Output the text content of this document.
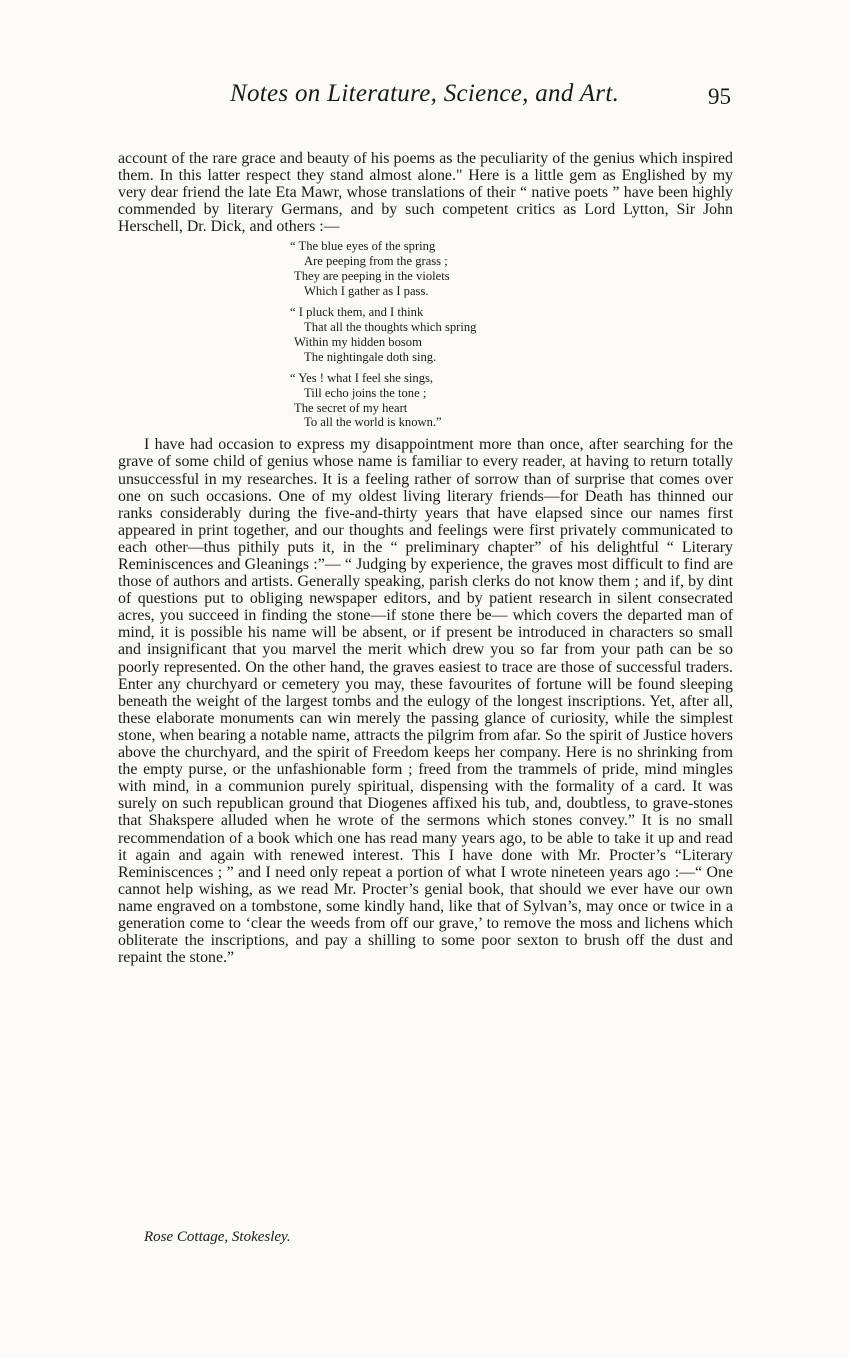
Notes on Literature, Science, and Art.	95

account of the rare grace and beauty of his poems as the peculiarity of the genius which inspired them. In this latter respect they stand almost alone." Here is a little gem as Englished by my very dear friend the late Eta Mawr, whose translations of their “ native poets ” have been highly commended by literary Germans, and by such competent critics as Lord Lytton, Sir John Herschell, Dr. Dick, and others :—

“ The blue eyes of the spring
Are peeping from the grass ;
They are peeping in the violets
Which I gather as I pass.
“ I pluck them, and I think
That all the thoughts which spring
Within my hidden bosom
The nightingale doth sing.
“ Yes ! what I feel she sings,
Till echo joins the tone ;
The secret of my heart
To all the world is known.”

I have had occasion to express my disappointment more than once, after searching for the grave of some child of genius whose name is familiar to every reader, at having to return totally unsuccessful in my researches. It is a feeling rather of sorrow than of surprise that comes over one on such occasions. One of my oldest living literary friends—for Death has thinned our ranks considerably during the five-and-thirty years that have elapsed since our names first appeared in print together, and our thoughts and feelings were first privately communicated to each other—thus pithily puts it, in the “ preliminary chapter” of his delightful “ Literary Reminiscences and Gleanings :”— “ Judging by experience, the graves most difficult to find are those of authors and artists. Generally speaking, parish clerks do not know them ; and if, by dint of questions put to obliging newspaper editors, and by patient research in silent consecrated acres, you succeed in finding the stone—if stone there be— which covers the departed man of mind, it is possible his name will be absent, or if present be introduced in characters so small and insignificant that you marvel the merit which drew you so far from your path can be so poorly represented. On the other hand, the graves easiest to trace are those of successful traders. Enter any churchyard or cemetery you may, these favourites of fortune will be found sleeping beneath the weight of the largest tombs and the eulogy of the longest inscriptions. Yet, after all, these elaborate monuments can win merely the passing glance of curiosity, while the simplest stone, when bearing a notable name, attracts the pilgrim from afar. So the spirit of Justice hovers above the churchyard, and the spirit of Freedom keeps her company. Here is no shrinking from the empty purse, or the unfashionable form ; freed from the trammels of pride, mind mingles with mind, in a communion purely spiritual, dispensing with the formality of a card. It was surely on such republican ground that Diogenes affixed his tub, and, doubtless, to grave-stones that Shakspere alluded when he wrote of the sermons which stones convey.” It is no small recommendation of a book which one has read many years ago, to be able to take it up and read it again and again with renewed interest. This I have done with Mr. Procter’s “Literary Reminiscences ; ” and I need only repeat a portion of what I wrote nineteen years ago :—“ One cannot help wishing, as we read Mr. Procter’s genial book, that should we ever have our own name engraved on a tombstone, some kindly hand, like that of Sylvan’s, may once or twice in a generation come to ‘clear the weeds from off our grave,’ to remove the moss and lichens which obliterate the inscriptions, and pay a shilling to some poor sexton to brush off the dust and repaint the stone.”

Rose Cottage, Stokesley.
